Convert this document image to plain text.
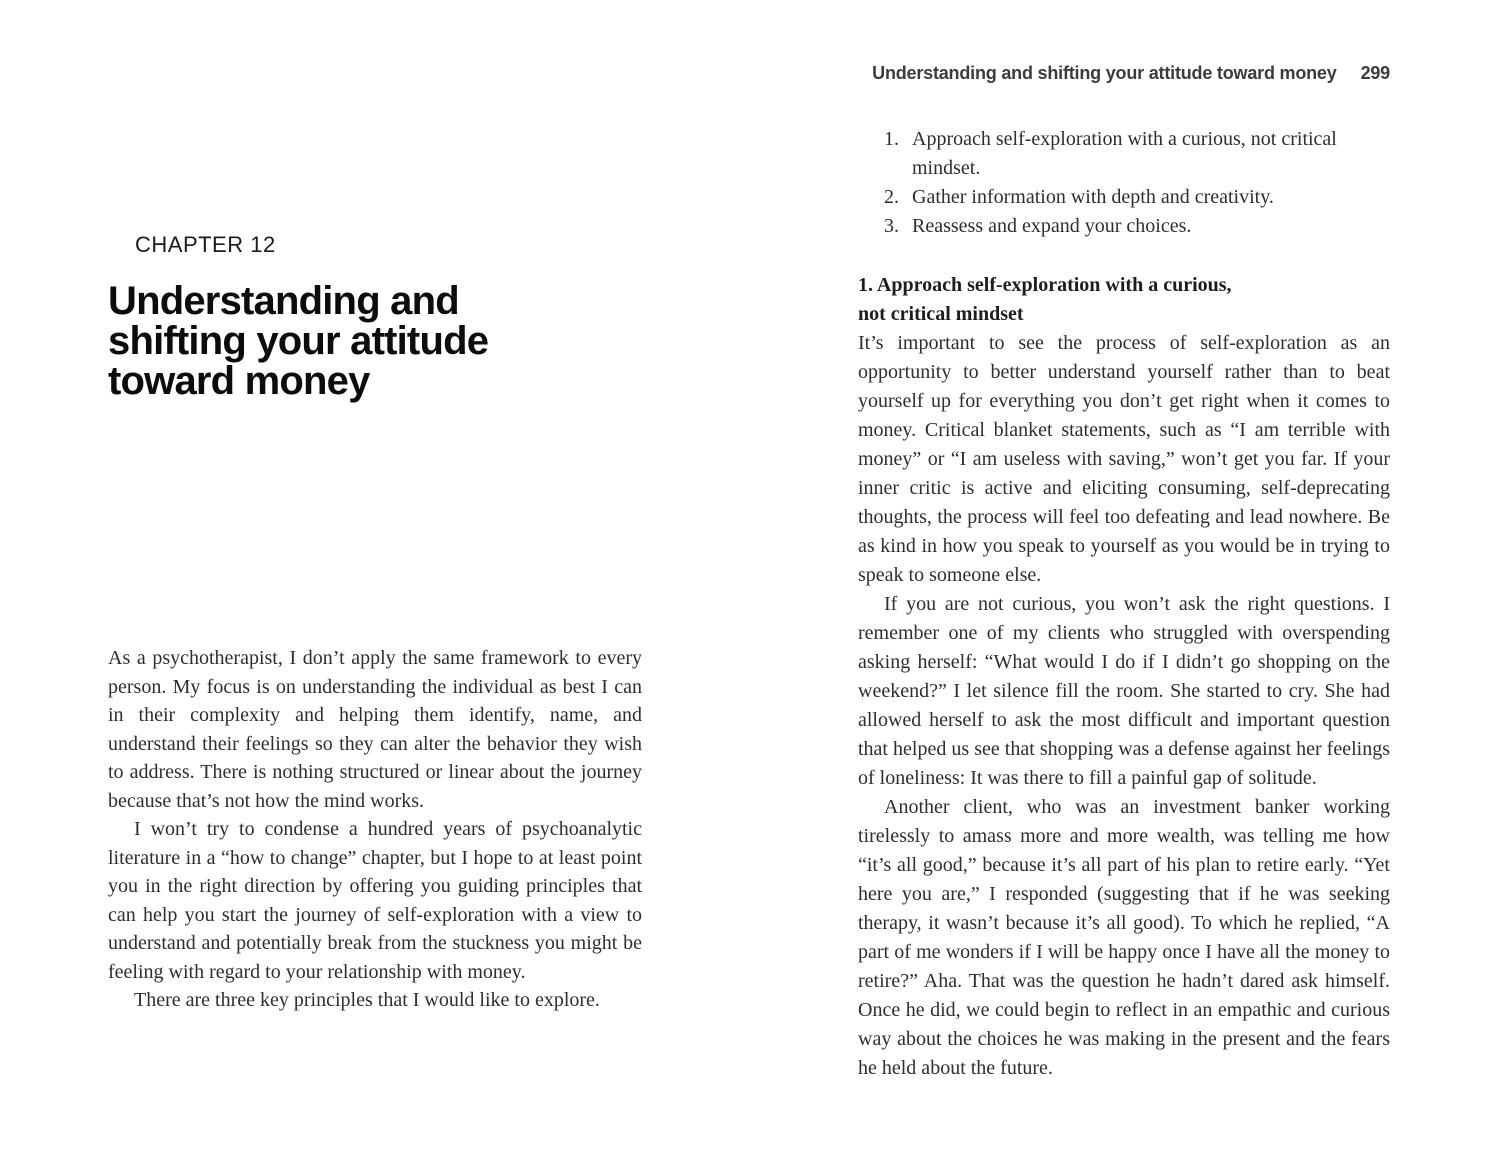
CHAPTER 12
Understanding and
shifting your attitude
toward money

As a psychotherapist, I don’t apply the same framework to every person. My focus is on understanding the individual as best I can in their complexity and helping them identify, name, and understand their feelings so they can alter the behavior they wish to address. There is nothing structured or linear about the journey because that’s not how the mind works.

I won’t try to condense a hundred years of psychoanalytic literature in a “how to change” chapter, but I hope to at least point you in the right direction by offering you guiding principles that can help you start the journey of self-exploration with a view to understand and potentially break from the stuckness you might be feeling with regard to your relationship with money.

There are three key principles that I would like to explore.

Understanding and shifting your attitude toward money 299
1. Approach self-exploration with a curious, not critical mindset.
2. Gather information with depth and creativity.
3. Reassess and expand your choices.
1. Approach self-exploration with a curious,
not critical mindset

It’s important to see the process of self-exploration as an opportunity to better understand yourself rather than to beat yourself up for everything you don’t get right when it comes to money. Critical blanket statements, such as “I am terrible with money” or “I am useless with saving,” won’t get you far. If your inner critic is active and eliciting consuming, self-deprecating thoughts, the process will feel too defeating and lead nowhere. Be as kind in how you speak to yourself as you would be in trying to speak to someone else.

If you are not curious, you won’t ask the right questions. I remember one of my clients who struggled with overspending asking herself: “What would I do if I didn’t go shopping on the weekend?” I let silence fill the room. She started to cry. She had allowed herself to ask the most difficult and important question that helped us see that shopping was a defense against her feelings of loneliness: It was there to fill a painful gap of solitude.

Another client, who was an investment banker working tirelessly to amass more and more wealth, was telling me how “it’s all good,” because it’s all part of his plan to retire early. “Yet here you are,” I responded (suggesting that if he was seeking therapy, it wasn’t because it’s all good). To which he replied, “A part of me wonders if I will be happy once I have all the money to retire?” Aha. That was the question he hadn’t dared ask himself. Once he did, we could begin to reflect in an empathic and curious way about the choices he was making in the present and the fears he held about the future.
